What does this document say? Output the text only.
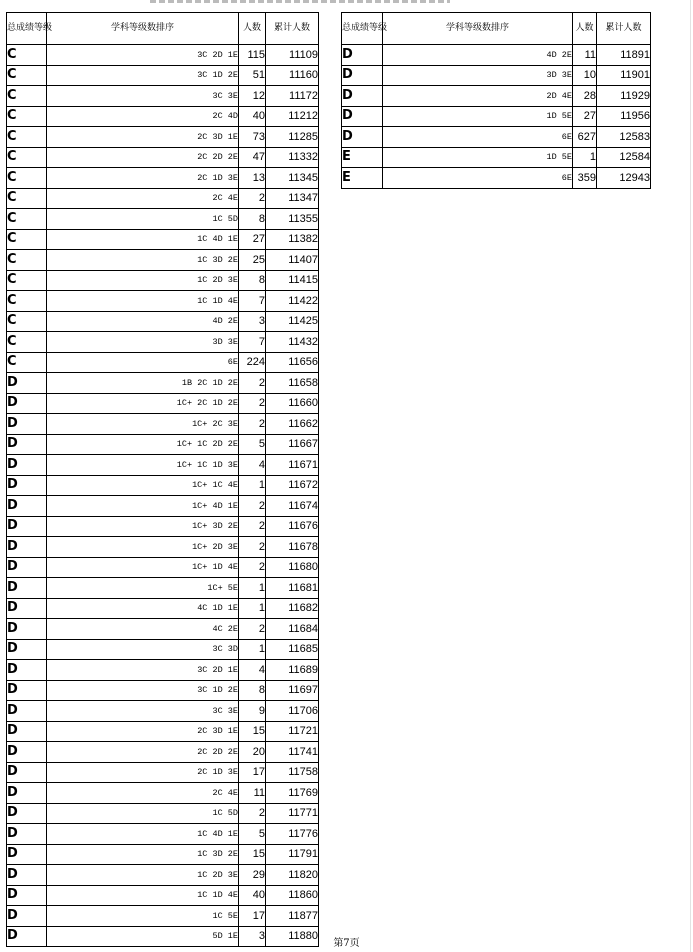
总成绩等级	学科等级数排序	人数	累计人数
C	3C 2D 1E	115	11109
C	3C 1D 2E	51	11160
C	3C 3E	12	11172
C	2C 4D	40	11212
C	2C 3D 1E	73	11285
C	2C 2D 2E	47	11332
C	2C 1D 3E	13	11345
C	2C 4E	2	11347
C	1C 5D	8	11355
C	1C 4D 1E	27	11382
C	1C 3D 2E	25	11407
C	1C 2D 3E	8	11415
C	1C 1D 4E	7	11422
C	4D 2E	3	11425
C	3D 3E	7	11432
C	6E	224	11656
D	1B 2C 1D 2E	2	11658
D	1C+ 2C 1D 2E	2	11660
D	1C+ 2C 3E	2	11662
D	1C+ 1C 2D 2E	5	11667
D	1C+ 1C 1D 3E	4	11671
D	1C+ 1C 4E	1	11672
D	1C+ 4D 1E	2	11674
D	1C+ 3D 2E	2	11676
D	1C+ 2D 3E	2	11678
D	1C+ 1D 4E	2	11680
D	1C+ 5E	1	11681
D	4C 1D 1E	1	11682
D	4C 2E	2	11684
D	3C 3D	1	11685
D	3C 2D 1E	4	11689
D	3C 1D 2E	8	11697
D	3C 3E	9	11706
D	2C 3D 1E	15	11721
D	2C 2D 2E	20	11741
D	2C 1D 3E	17	11758
D	2C 4E	11	11769
D	1C 5D	2	11771
D	1C 4D 1E	5	11776
D	1C 3D 2E	15	11791
D	1C 2D 3E	29	11820
D	1C 1D 4E	40	11860
D	1C 5E	17	11877
D	5D 1E	3	11880
总成绩等级	学科等级数排序	人数	累计人数
D	4D 2E	11	11891
D	3D 3E	10	11901
D	2D 4E	28	11929
D	1D 5E	27	11956
D	6E	627	12583
E	1D 5E	1	12584
E	6E	359	12943
第7页
